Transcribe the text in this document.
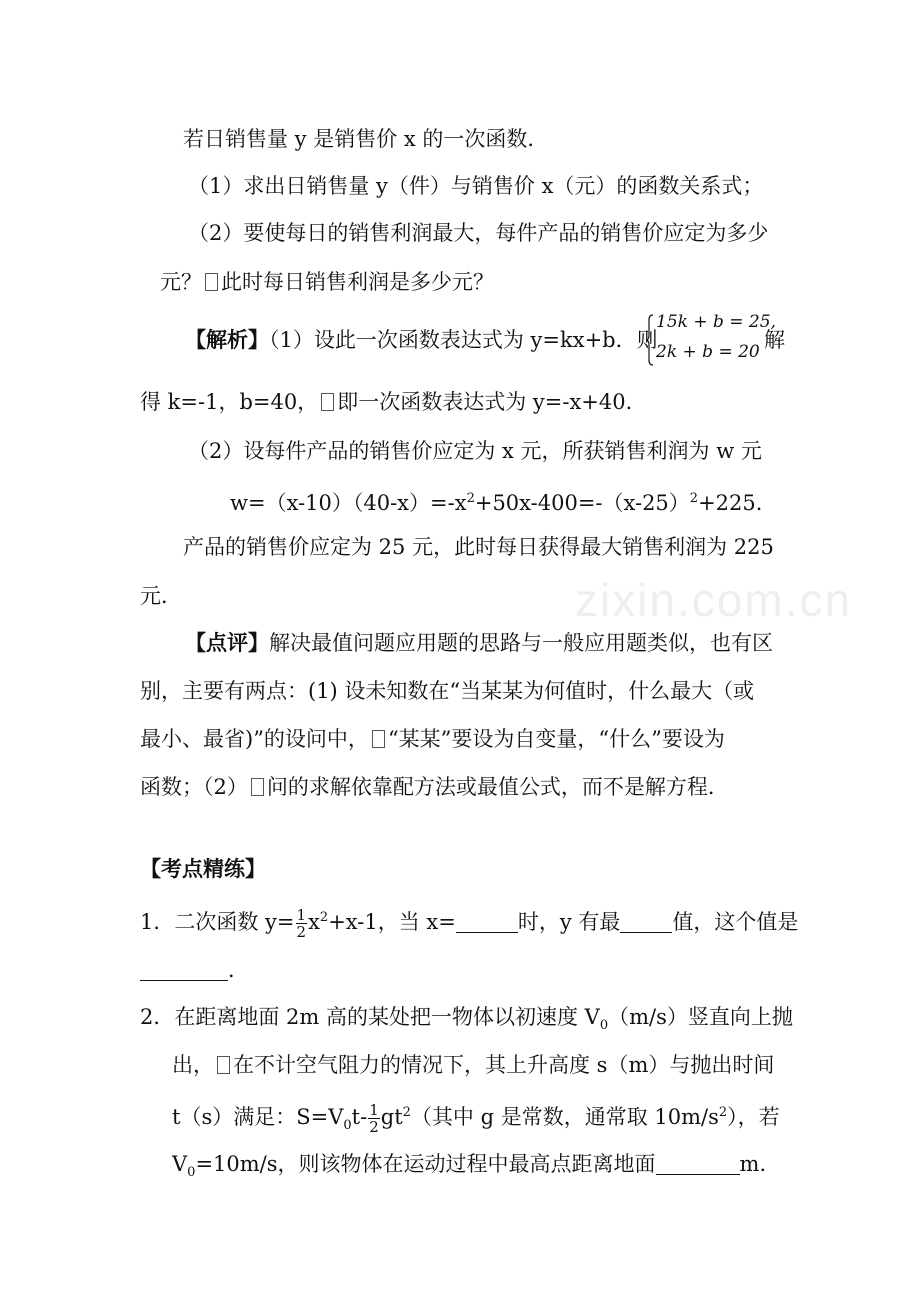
zixin.com.cn
若日销售量 y 是销售价 x 的一次函数．
（1）求出日销售量 y（件）与销售价 x（元）的函数关系式；
（2）要使每日的销售利润最大，每件产品的销售价应定为多少
元？ 此时每日销售利润是多少元？
【解析】（1）设此一次函数表达式为 y=kx+b．则
15k + b = 25,
2k + b = 20 解
得 k=-1，b=40， 即一次函数表达式为 y=-x+40．
（2）设每件产品的销售价应定为 x 元，所获销售利润为 w 元
$w=(x-10)(40-x)=-x^2+50x-400=-(x-25)^2+225$．
产品的销售价应定为 25 元，此时每日获得最大销售利润为 225
元．
【点评】解决最值问题应用题的思路与一般应用题类似，也有区
别，主要有两点：(1) 设未知数在“当某某为何值时，什么最大（或
最小、最省)”的设问中， “某某”要设为自变量，“什么”要设为
函数；（2） 问的求解依靠配方法或最值公式，而不是解方程．
【考点精练】
1．二次函数 $y= \frac{1}{2} x^2+x-1$，当 x=	时，y 有最 值，这个值是
．
2．在距离地面 2m 高的某处把一物体以初速度 $V_0(m/s)$竖直向上抛
出， 在不计空气阻力的情况下，其上升高度 s（m）与抛出时间
t（s）满足：$S=V_0t- \frac{1}{2} gt^2$（其中 g 是常数，通常取 $10m/s^2$），若
$V_0=10m/s$，则该物体在运动过程中最高点距离地面	m．
